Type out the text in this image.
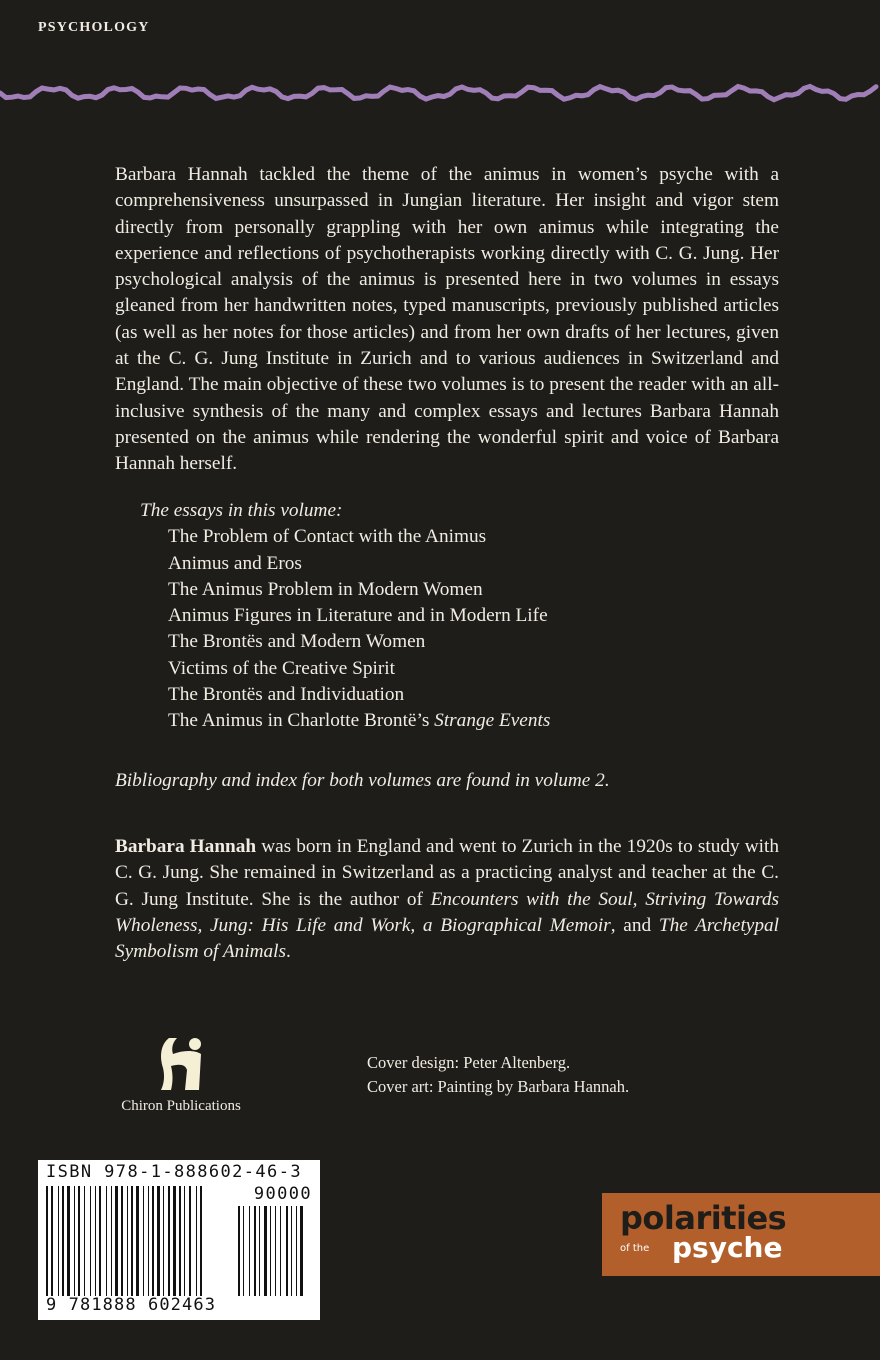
PSYCHOLOGY

Barbara Hannah tackled the theme of the animus in women’s psyche with a comprehensiveness unsurpassed in Jungian literature. Her insight and vigor stem directly from personally grappling with her own animus while integrating the experience and reflections of psychotherapists working directly with C. G. Jung. Her psychological analysis of the animus is presented here in two volumes in essays gleaned from her handwritten notes, typed manuscripts, previously published articles (as well as her notes for those articles) and from her own drafts of her lectures, given at the C. G. Jung Institute in Zurich and to various audiences in Switzerland and England. The main objective of these two volumes is to present the reader with an all-inclusive synthesis of the many and complex essays and lectures Barbara Hannah presented on the animus while rendering the wonderful spirit and voice of Barbara Hannah herself.

The essays in this volume:
The Problem of Contact with the Animus
Animus and Eros
The Animus Problem in Modern Women
Animus Figures in Literature and in Modern Life
The Brontës and Modern Women
Victims of the Creative Spirit
The Brontës and Individuation
The Animus in Charlotte Brontë’s Strange Events
Bibliography and index for both volumes are found in volume 2.

Barbara Hannah was born in England and went to Zurich in the 1920s to study with C. G. Jung. She remained in Switzerland as a practicing analyst and teacher at the C. G. Jung Institute. She is the author of Encounters with the Soul, Striving Towards Wholeness, Jung: His Life and Work, a Biographical Memoir, and The Archetypal Symbolism of Animals.

Chiron Publications
Cover design: Peter Altenberg.
Cover art: Painting by Barbara Hannah.
ISBN 978-1-888602-46-3
90000
9 781888 602463
polarities
of the psyche
